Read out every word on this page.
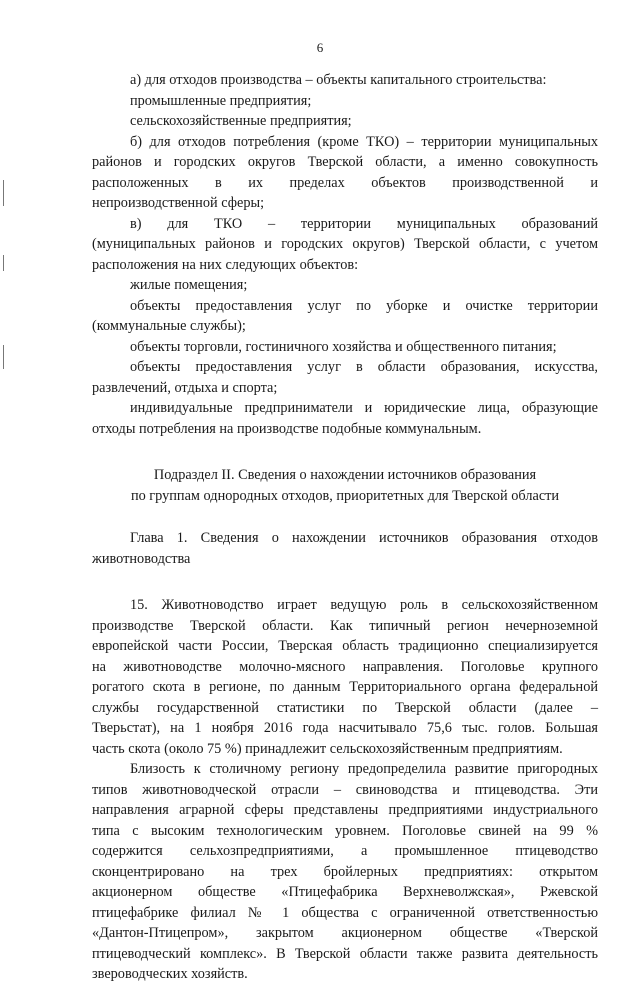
6
а) для отходов производства – объекты капитального строительства:
промышленные предприятия;
сельскохозяйственные предприятия;
б) для отходов потребления (кроме ТКО) – территории муниципальных
районов и городских округов Тверской области, а именно совокупность
расположенных в их пределах объектов производственной и
непроизводственной сферы;
в) для ТКО – территории муниципальных образований
(муниципальных районов и городских округов) Тверской области, с учетом
расположения на них следующих объектов:
жилые помещения;
объекты предоставления услуг по уборке и очистке территории
(коммунальные службы);
объекты торговли, гостиничного хозяйства и общественного питания;
объекты предоставления услуг в области образования, искусства,
развлечений, отдыха и спорта;
индивидуальные предприниматели и юридические лица, образующие
отходы потребления на производстве подобные коммунальным.
Подраздел II. Сведения о нахождении источников образования
по группам однородных отходов, приоритетных для Тверской области
Глава 1. Сведения о нахождении источников образования отходов
животноводства
15. Животноводство играет ведущую роль в сельскохозяйственном
производстве Тверской области. Как типичный регион нечерноземной
европейской части России, Тверская область традиционно специализируется
на животноводстве молочно-мясного направления. Поголовье крупного
рогатого скота в регионе, по данным Территориального органа федеральной
службы государственной статистики по Тверской области (далее –
Тверьстат), на 1 ноября 2016 года насчитывало 75,6 тыс. голов. Большая
часть скота (около 75 %) принадлежит сельскохозяйственным предприятиям.
Близость к столичному региону предопределила развитие пригородных
типов животноводческой отрасли – свиноводства и птицеводства. Эти
направления аграрной сферы представлены предприятиями индустриального
типа с высоким технологическим уровнем. Поголовье свиней на 99 %
содержится сельхозпредприятиями, а промышленное птицеводство
сконцентрировано на трех бройлерных предприятиях: открытом
акционерном обществе «Птицефабрика Верхневолжская», Ржевской
птицефабрике филиал № 1 общества с ограниченной ответственностью
«Дантон-Птицепром», закрытом акционерном обществе «Тверской
птицеводческий комплекс». В Тверской области также развита деятельность
звероводческих хозяйств.
